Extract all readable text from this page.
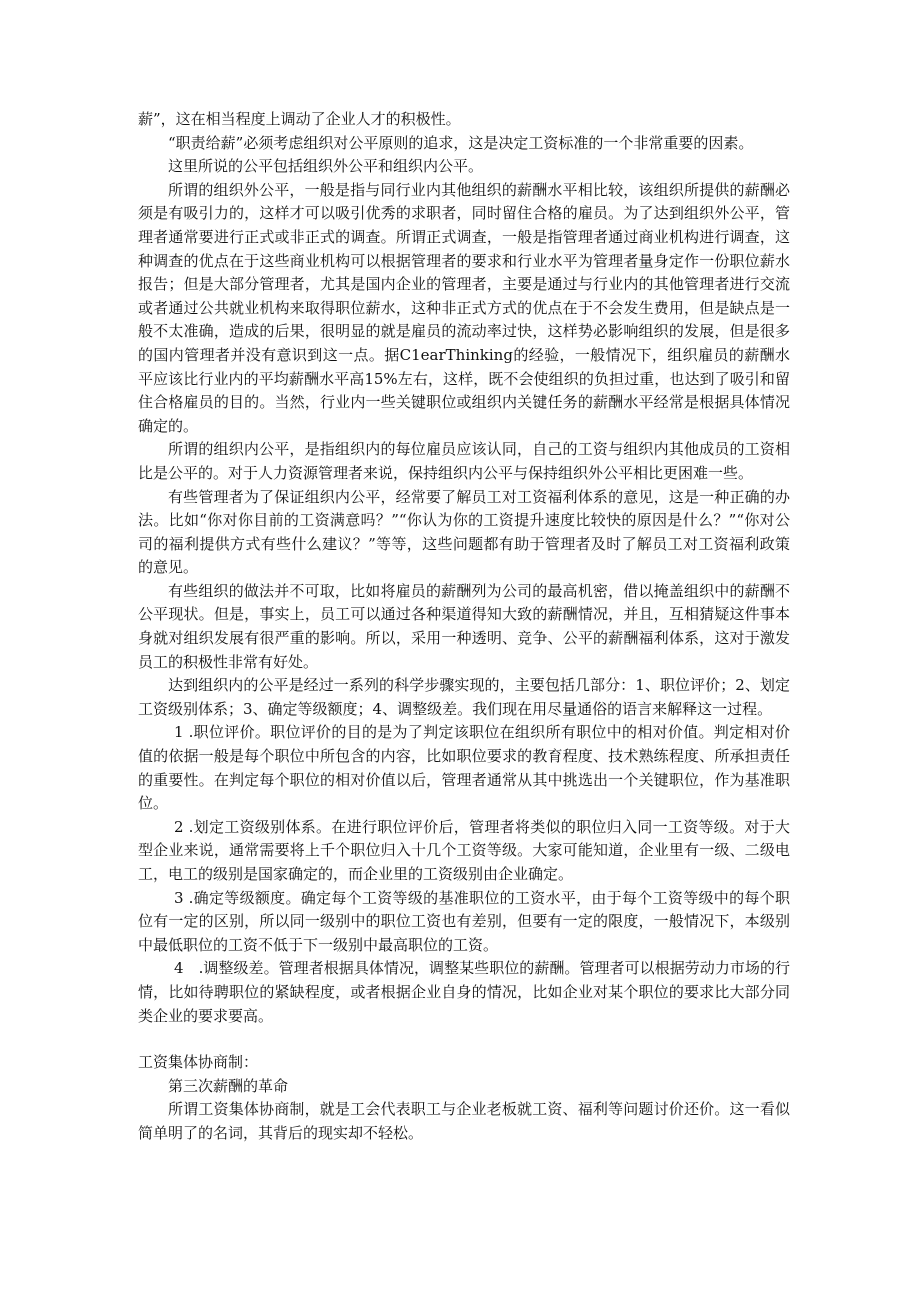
薪”，这在相当程度上调动了企业人才的积极性。

“职责给薪”必须考虑组织对公平原则的追求，这是决定工资标准的一个非常重要的因素。

这里所说的公平包括组织外公平和组织内公平。

所谓的组织外公平，一般是指与同行业内其他组织的薪酬水平相比较，该组织所提供的薪酬必须是有吸引力的，这样才可以吸引优秀的求职者，同时留住合格的雇员。为了达到组织外公平，管理者通常要进行正式或非正式的调查。所谓正式调查，一般是指管理者通过商业机构进行调查，这种调查的优点在于这些商业机构可以根据管理者的要求和行业水平为管理者量身定作一份职位薪水报告；但是大部分管理者，尤其是国内企业的管理者，主要是通过与行业内的其他管理者进行交流或者通过公共就业机构来取得职位薪水，这种非正式方式的优点在于不会发生费用，但是缺点是一般不太准确，造成的后果，很明显的就是雇员的流动率过快，这样势必影响组织的发展，但是很多的国内管理者并没有意识到这一点。据C1earThinking的经验，一般情况下，组织雇员的薪酬水平应该比行业内的平均薪酬水平高15%左右，这样，既不会使组织的负担过重，也达到了吸引和留住合格雇员的目的。当然，行业内一些关键职位或组织内关键任务的薪酬水平经常是根据具体情况确定的。

所谓的组织内公平，是指组织内的每位雇员应该认同，自己的工资与组织内其他成员的工资相比是公平的。对于人力资源管理者来说，保持组织内公平与保持组织外公平相比更困难一些。

有些管理者为了保证组织内公平，经常要了解员工对工资福利体系的意见，这是一种正确的办法。比如“你对你目前的工资满意吗？”“你认为你的工资提升速度比较快的原因是什么？”“你对公司的福利提供方式有些什么建议？”等等，这些问题都有助于管理者及时了解员工对工资福利政策的意见。

有些组织的做法并不可取，比如将雇员的薪酬列为公司的最高机密，借以掩盖组织中的薪酬不公平现状。但是，事实上，员工可以通过各种渠道得知大致的薪酬情况，并且，互相猜疑这件事本身就对组织发展有很严重的影响。所以，采用一种透明、竞争、公平的薪酬福利体系，这对于激发员工的积极性非常有好处。

达到组织内的公平是经过一系列的科学步骤实现的，主要包括几部分：1、职位评价；2、划定工资级别体系；3、确定等级额度；4、调整级差。我们现在用尽量通俗的语言来解释这一过程。

1 .职位评价。职位评价的目的是为了判定该职位在组织所有职位中的相对价值。判定相对价值的依据一般是每个职位中所包含的内容，比如职位要求的教育程度、技术熟练程度、所承担责任的重要性。在判定每个职位的相对价值以后，管理者通常从其中挑选出一个关键职位，作为基准职位。

2 .划定工资级别体系。在进行职位评价后，管理者将类似的职位归入同一工资等级。对于大型企业来说，通常需要将上千个职位归入十几个工资等级。大家可能知道，企业里有一级、二级电工，电工的级别是国家确定的，而企业里的工资级别由企业确定。

3 .确定等级额度。确定每个工资等级的基准职位的工资水平，由于每个工资等级中的每个职位有一定的区别，所以同一级别中的职位工资也有差别，但要有一定的限度，一般情况下，本级别中最低职位的工资不低于下一级别中最高职位的工资。

4　.调整级差。管理者根据具体情况，调整某些职位的薪酬。管理者可以根据劳动力市场的行情，比如待聘职位的紧缺程度，或者根据企业自身的情况，比如企业对某个职位的要求比大部分同类企业的要求要高。

工资集体协商制：

第三次薪酬的革命

所谓工资集体协商制，就是工会代表职工与企业老板就工资、福利等问题讨价还价。这一看似简单明了的名词，其背后的现实却不轻松。
